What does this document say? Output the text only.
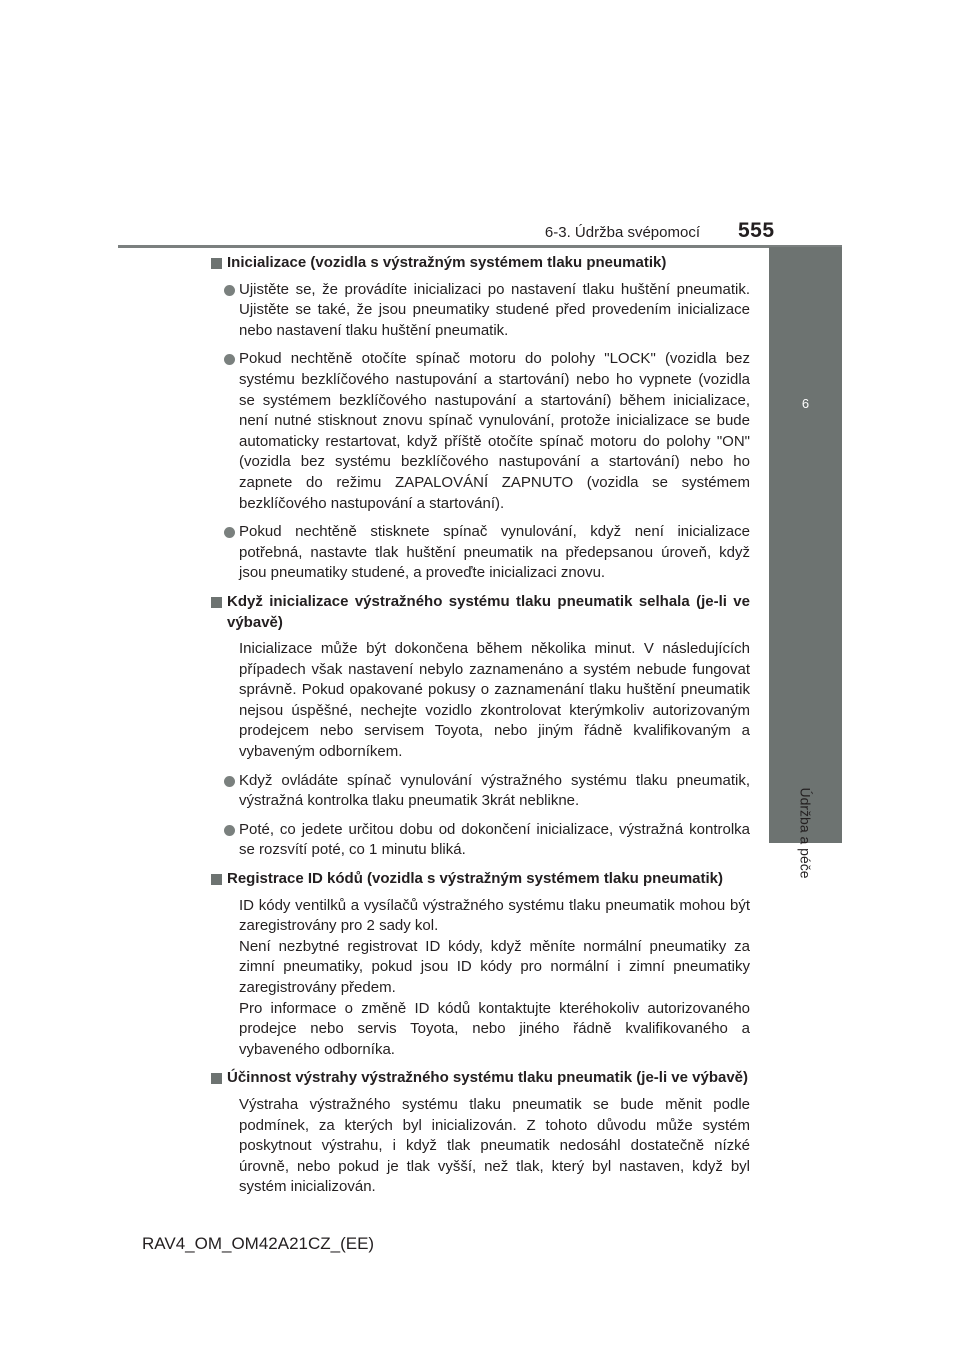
6-3. Údržba svépomocí 555
6
Údržba a péče
Inicializace (vozidla s výstražným systémem tlaku pneumatik)
Ujistěte se, že provádíte inicializaci po nastavení tlaku huštění pneumatik. Ujistěte se také, že jsou pneumatiky studené před provedením inicializace nebo nastavení tlaku huštění pneumatik.
Pokud nechtěně otočíte spínač motoru do polohy "LOCK" (vozidla bez systému bezklíčového nastupování a startování) nebo ho vypnete (vozidla se systémem bezklíčového nastupování a startování) během inicializace, není nutné stisknout znovu spínač vynulování, protože inicializace se bude automaticky restartovat, když příště otočíte spínač motoru do polohy "ON" (vozidla bez systému bezklíčového nastupování a startování) nebo ho zapnete do režimu ZAPALOVÁNÍ ZAPNUTO (vozidla se systémem bezklíčového nastupování a startování).
Pokud nechtěně stisknete spínač vynulování, když není inicializace potřebná, nastavte tlak huštění pneumatik na předepsanou úroveň, když jsou pneumatiky studené, a proveďte inicializaci znovu.
Když inicializace výstražného systému tlaku pneumatik selhala (je-li ve výbavě)
Inicializace může být dokončena během několika minut. V následujících případech však nastavení nebylo zaznamenáno a systém nebude fungovat správně. Pokud opakované pokusy o zaznamenání tlaku huštění pneumatik nejsou úspěšné, nechejte vozidlo zkontrolovat kterýmkoliv autorizovaným prodejcem nebo servisem Toyota, nebo jiným řádně kvalifikovaným a vybaveným odborníkem.
Když ovládáte spínač vynulování výstražného systému tlaku pneumatik, výstražná kontrolka tlaku pneumatik 3krát neblikne.
Poté, co jedete určitou dobu od dokončení inicializace, výstražná kontrolka se rozsvítí poté, co 1 minutu bliká.
Registrace ID kódů (vozidla s výstražným systémem tlaku pneumatik)
ID kódy ventilků a vysílačů výstražného systému tlaku pneumatik mohou být zaregistrovány pro 2 sady kol.
Není nezbytné registrovat ID kódy, když měníte normální pneumatiky za zimní pneumatiky, pokud jsou ID kódy pro normální i zimní pneumatiky zaregistrovány předem.
Pro informace o změně ID kódů kontaktujte kteréhokoliv autorizovaného prodejce nebo servis Toyota, nebo jiného řádně kvalifikovaného a vybaveného odborníka.
Účinnost výstrahy výstražného systému tlaku pneumatik (je-li ve výbavě)
Výstraha výstražného systému tlaku pneumatik se bude měnit podle podmínek, za kterých byl inicializován. Z tohoto důvodu může systém poskytnout výstrahu, i když tlak pneumatik nedosáhl dostatečně nízké úrovně, nebo pokud je tlak vyšší, než tlak, který byl nastaven, když byl systém inicializován.
RAV4_OM_OM42A21CZ_(EE)
